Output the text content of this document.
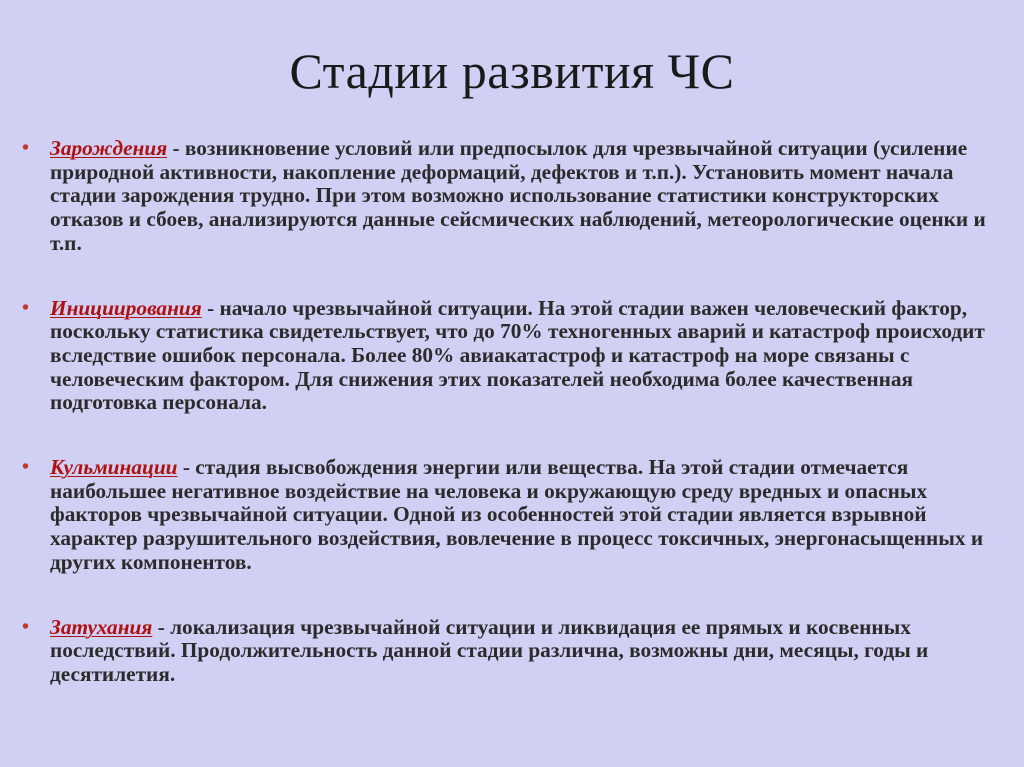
Стадии развития ЧС
• Зарождения - возникновение условий или предпосылок для чрезвычайной ситуации (усиление природной активности, накопление деформаций, дефектов и т.п.). Установить момент начала стадии зарождения трудно. При этом возможно использование статистики конструкторских отказов и сбоев, анализируются данные сейсмических наблюдений, метеорологические оценки и т.п.
• Инициирования - начало чрезвычайной ситуации. На этой стадии важен человеческий фактор, поскольку статистика свидетельствует, что до 70% техногенных аварий и катастроф происходит вследствие ошибок персонала. Более 80% авиакатастроф и катастроф на море связаны с человеческим фактором. Для снижения этих показателей необходима более качественная подготовка персонала.
• Кульминации - стадия высвобождения энергии или вещества. На этой стадии отмечается наибольшее негативное воздействие на человека и окружающую среду вредных и опасных факторов чрезвычайной ситуации. Одной из особенностей этой стадии является взрывной характер разрушительного воздействия, вовлечение в процесс токсичных, энергонасыщенных и других компонентов.
• Затухания - локализация чрезвычайной ситуации и ликвидация ее прямых и косвенных последствий. Продолжительность данной стадии различна, возможны дни, месяцы, годы и десятилетия.
